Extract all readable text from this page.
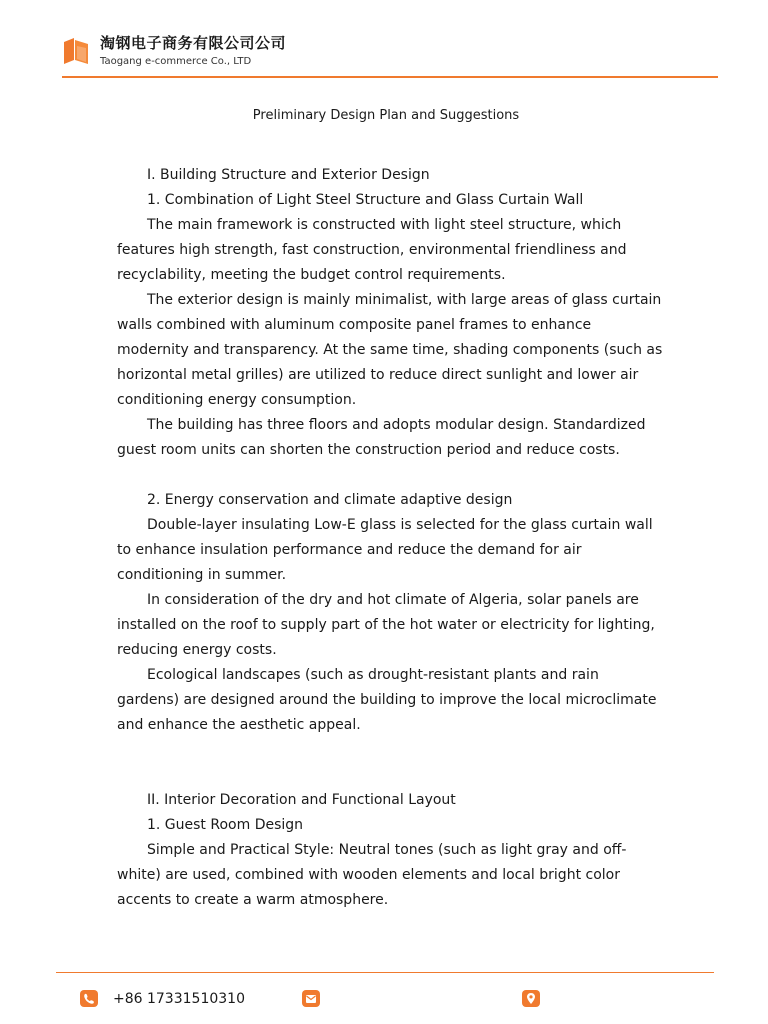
淘钢电子商务有限公司公司
Taogang e-commerce Co., LTD
Preliminary Design Plan and Suggestions

I. Building Structure and Exterior Design

1. Combination of Light Steel Structure and Glass Curtain Wall

The main framework is constructed with light steel structure, which features high strength, fast construction, environmental friendliness and recyclability, meeting the budget control requirements.

The exterior design is mainly minimalist, with large areas of glass curtain walls combined with aluminum composite panel frames to enhance modernity and transparency. At the same time, shading components (such as horizontal metal grilles) are utilized to reduce direct sunlight and lower air conditioning energy consumption.

The building has three floors and adopts modular design. Standardized guest room units can shorten the construction period and reduce costs.

2. Energy conservation and climate adaptive design

Double-layer insulating Low-E glass is selected for the glass curtain wall to enhance insulation performance and reduce the demand for air conditioning in summer.

In consideration of the dry and hot climate of Algeria, solar panels are installed on the roof to supply part of the hot water or electricity for lighting, reducing energy costs.

Ecological landscapes (such as drought-resistant plants and rain gardens) are designed around the building to improve the local microclimate and enhance the aesthetic appeal.

II. Interior Decoration and Functional Layout

1. Guest Room Design

Simple and Practical Style: Neutral tones (such as light gray and off-white) are used, combined with wooden elements and local bright color accents to create a warm atmosphere.

+86 17331510310
